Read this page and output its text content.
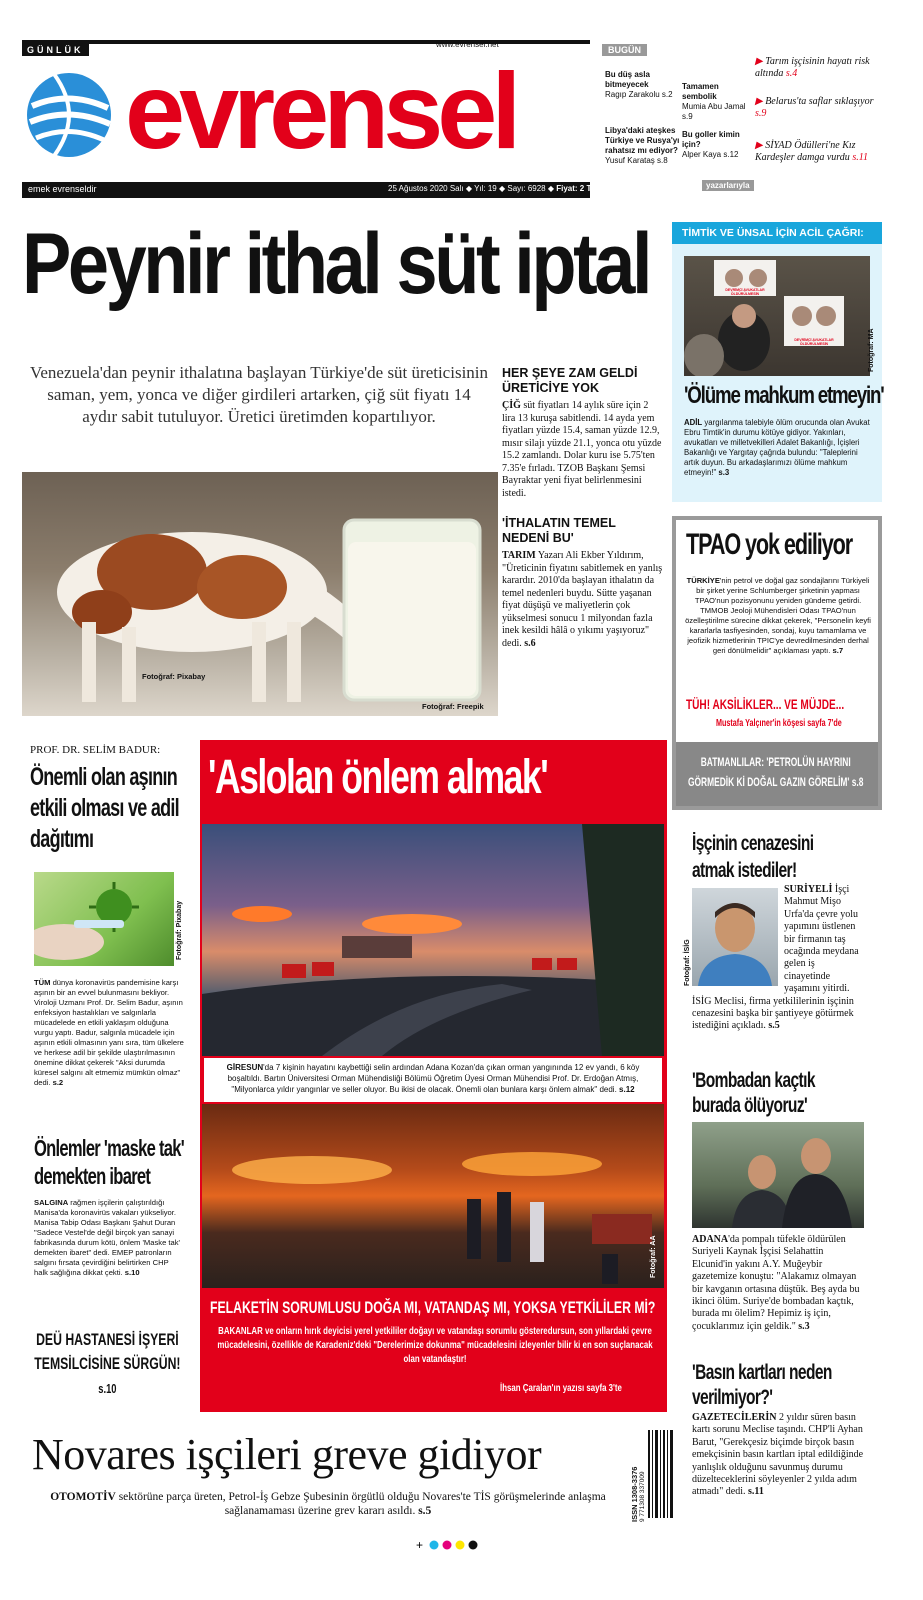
GÜNLÜK
www.evrensel.net
evrensel
emek evrenseldir	25 Ağustos 2020 Salı ◆ Yıl: 19 ◆ Sayı: 6928 ◆ Fiyat: 2 TL
BUGÜN
Bu düş asla bitmeyecek
Ragıp Zarakolu s.2
Libya'daki ateşkes Türkiye ve Rusya'yı rahatsız mı ediyor?
Yusuf Karataş s.8
Tamamen sembolik
Mumia Abu Jamal s.9
Bu goller kimin için?
Alper Kaya s.12
yazarlarıyla
▶ Tarım işçisinin hayatı risk altında s.4
▶ Belarus'ta saflar sıklaşıyor s.9
▶ SİYAD Ödülleri'ne Kız Kardeşler damga vurdu s.11
Peynir ithal süt iptal
Venezuela'dan peynir ithalatına başlayan Türkiye'de süt üreticisinin saman, yem, yonca ve diğer girdileri artarken, çiğ süt fiyatı 14 aydır sabit tutuluyor. Üretici üretimden kopartılıyor.
Fotoğraf: Pixabay
Fotoğraf: Freepik
HER ŞEYE ZAM GELDİ ÜRETİCİYE YOK
ÇİĞ süt fiyatları 14 aylık süre için 2 lira 13 kuruşa sabitlendi. 14 ayda yem fiyatları yüzde 15.4, saman yüzde 12.9, mısır silajı yüzde 21.1, yonca otu yüzde 15.2 zamlandı. Dolar kuru ise 5.75'ten 7.35'e fırladı. TZOB Başkanı Şemsi Bayraktar yeni fiyat belirlenmesini istedi.
'İTHALATIN TEMEL NEDENİ BU'
TARIM Yazarı Ali Ekber Yıldırım, "Üreticinin fiyatını sabitlemek en yanlış karardır. 2010'da başlayan ithalatın da temel nedenleri buydu. Sütte yaşanan fiyat düşüşü ve maliyetlerin çok yükselmesi sonucu 1 milyondan fazla inek kesildi hâlâ o yıkımı yaşıyoruz" dedi. s.6
TİMTİK VE ÜNSAL İÇİN ACİL ÇAĞRI:
DEVRİMCİ AVUKATLAR ÖLDÜRÜLMESİN
DEVRİMCİ AVUKATLAR ÖLDÜRÜLMESİN	Fotoğraf: MA
'Ölüme mahkum etmeyin'
ADİL yargılanma talebiyle ölüm orucunda olan Avukat Ebru Timtik'in durumu kötüye gidiyor. Yakınları, avukatları ve milletvekilleri Adalet Bakanlığı, İçişleri Bakanlığı ve Yargıtay çağrıda bulundu: "Taleplerini artık duyun. Bu arkadaşlarımızı ölüme mahkum etmeyin!" s.3
TPAO yok ediliyor
TÜRKİYE'nin petrol ve doğal gaz sondajlarını Türkiyeli bir şirket yerine Schlumberger şirketinin yapması TPAO'nun pozisyonunu yeniden gündeme getirdi. TMMOB Jeoloji Mühendisleri Odası TPAO'nun özelleştirilme sürecine dikkat çekerek, "Personelin keyfi kararlarla tasfiyesinden, sondaj, kuyu tamamlama ve jeofizik hizmetlerinin TPIC'ye devredilmesinden derhal geri dönülmelidir" açıklaması yaptı. s.7
TÜH! AKSİLİKLER... VE MÜJDE...
Mustafa Yalçıner'in köşesi sayfa 7'de
BATMANLILAR: 'PETROLÜN HAYRINI GÖRMEDİK Kİ DOĞAL GAZIN GÖRELİM' s.8
PROF. DR. SELİM BADUR:
Önemli olan aşının etkili olması ve adil dağıtımı
Fotoğraf: Pixabay
TÜM dünya koronavirüs pandemisine karşı aşının bir an evvel bulunmasını bekliyor. Viroloji Uzmanı Prof. Dr. Selim Badur, aşının enfeksiyon hastalıkları ve salgınlarla mücadelede en etkili yaklaşım olduğuna vurgu yaptı. Badur, salgınla mücadele için aşının etkili olmasının yanı sıra, tüm ülkelere ve herkese adil bir şekilde ulaştırılmasının önemine dikkat çekerek "Aksi durumda küresel salgını alt etmemiz mümkün olmaz" dedi. s.2
Önlemler 'maske tak' demekten ibaret
SALGINA rağmen işçilerin çalıştırıldığı Manisa'da koronavirüs vakaları yükseliyor. Manisa Tabip Odası Başkanı Şahut Duran "Sadece Vestel'de değil birçok yan sanayi fabrikasında durum kötü, önlem 'Maske tak' demekten ibaret" dedi. EMEP patronların salgını fırsata çevirdiğini belirtirken CHP halk sağlığına dikkat çekti. s.10
DEÜ HASTANESİ İŞYERİ TEMSİLCİSİNE SÜRGÜN! s.10
'Aslolan önlem almak'
GİRESUN'da 7 kişinin hayatını kaybettiği selin ardından Adana Kozan'da çıkan orman yangınında 12 ev yandı, 6 köy boşaltıldı. Bartın Üniversitesi Orman Mühendisliği Bölümü Öğretim Üyesi Orman Mühendisi Prof. Dr. Erdoğan Atmış, "Milyonlarca yıldır yangınlar ve seller oluyor. Bu ikisi de olacak. Önemli olan bunlara karşı önlem almak" dedi. s.12
Fotoğraf: AA
FELAKETİN SORUMLUSU DOĞA MI, VATANDAŞ MI, YOKSA YETKİLİLER Mİ?
BAKANLAR ve onların hırık deyicisi yerel yetkililer doğayı ve vatandaşı sorumlu gösteredursun, son yıllardaki çevre mücadelesini, özellikle de Karadeniz'deki "Derelerimize dokunma" mücadelesini izleyenler bilir ki en son suçlanacak olan vatandaştır!
İhsan Çaralan'ın yazısı sayfa 3'te
İşçinin cenazesini atmak istediler!
Fotoğraf: İSİG
SURİYELİ İşçi Mahmut Mişo Urfa'da çevre yolu yapımını üstlenen bir firmanın taş ocağında meydana gelen iş cinayetinde yaşamını yitirdi. İSİG Meclisi, firma yetkililerinin işçinin cenazesini başka bir şantiyeye götürmek istediğini açıkladı. s.5
'Bombadan kaçtık burada ölüyoruz'
ADANA'da pompalı tüfekle öldürülen Suriyeli Kaynak İşçisi Selahattin Elcunid'in yakını A.Y. Muğeybir gazetemize konuştu: "Alakamız olmayan bir kavganın ortasına düştük. Beş ayda bu ikinci ölüm. Suriye'de bombadan kaçtık, burada mı ölelim? Hepimiz iş için, çocuklarımız için geldik." s.3
'Basın kartları neden verilmiyor?'
GAZETECİLERİN 2 yıldır süren basın kartı sorunu Meclise taşındı. CHP'li Ayhan Barut, "Gerekçesiz biçimde birçok basın emekçisinin basın kartları iptal edildiğinde yanlışlık olduğunu savunmuş durumu düzelteceklerini söyleyenler 2 yılda adım atmadı" dedi. s.11
Novares işçileri greve gidiyor
OTOMOTİV sektörüne parça üreten, Petrol-İş Gebze Şubesinin örgütlü olduğu Novares'te TİS görüşmelerinde anlaşma sağlanamaması üzerine grev kararı asıldı. s.5	ISSN 1308-3376 9 771308 337009
+
